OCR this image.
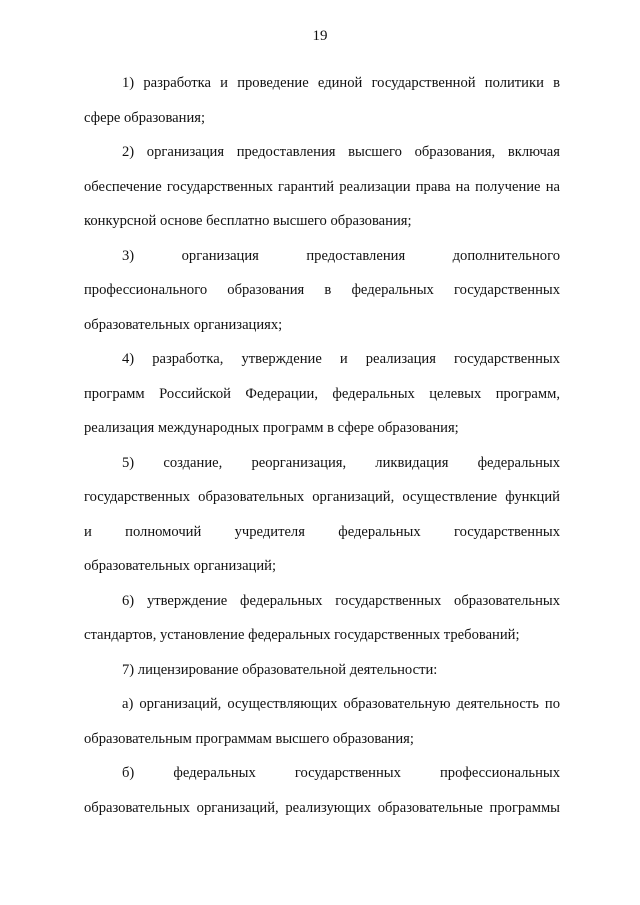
19

1) разработка и проведение единой государственной политики в
сфере образования;

2) организация предоставления высшего образования, включая
обеспечение государственных гарантий реализации права на получение на
конкурсной основе бесплатно высшего образования;

3) организация предоставления дополнительного
профессионального образования в федеральных государственных
образовательных организациях;

4) разработка, утверждение и реализация государственных
программ Российской Федерации, федеральных целевых программ,
реализация международных программ в сфере образования;

5) создание, реорганизация, ликвидация федеральных
государственных образовательных организаций, осуществление функций
и полномочий учредителя федеральных государственных
образовательных организаций;

6) утверждение федеральных государственных образовательных
стандартов, установление федеральных государственных требований;

7) лицензирование образовательной деятельности:

а) организаций, осуществляющих образовательную деятельность по
образовательным программам высшего образования;

б) федеральных государственных профессиональных
образовательных организаций, реализующих образовательные программы
